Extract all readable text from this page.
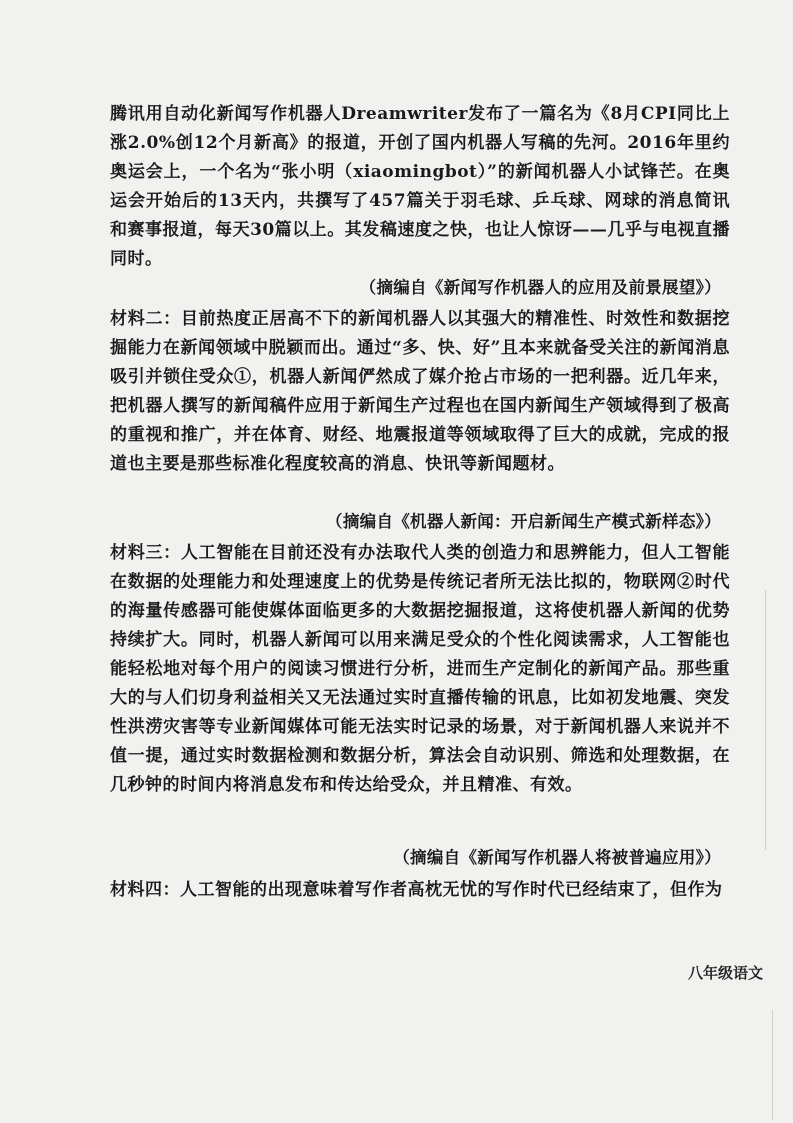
腾讯用自动化新闻写作机器人Dreamwriter发布了一篇名为《8月CPI同比上涨2.0%创12个月新高》的报道，开创了国内机器人写稿的先河。2016年里约奥运会上，一个名为“张小明（xiaomingbot）”的新闻机器人小试锋芒。在奥运会开始后的13天内，共撰写了457篇关于羽毛球、乒乓球、网球的消息简讯和赛事报道，每天30篇以上。其发稿速度之快，也让人惊讶——几乎与电视直播同时。
（摘编自《新闻写作机器人的应用及前景展望》）
材料二：目前热度正居高不下的新闻机器人以其强大的精准性、时效性和数据挖掘能力在新闻领域中脱颖而出。通过“多、快、好”且本来就备受关注的新闻消息吸引并锁住受众①，机器人新闻俨然成了媒介抢占市场的一把利器。近几年来，把机器人撰写的新闻稿件应用于新闻生产过程也在国内新闻生产领域得到了极高的重视和推广，并在体育、财经、地震报道等领域取得了巨大的成就，完成的报道也主要是那些标准化程度较高的消息、快讯等新闻题材。
（摘编自《机器人新闻：开启新闻生产模式新样态》）
材料三：人工智能在目前还没有办法取代人类的创造力和思辨能力，但人工智能在数据的处理能力和处理速度上的优势是传统记者所无法比拟的，物联网②时代的海量传感器可能使媒体面临更多的大数据挖掘报道，这将使机器人新闻的优势持续扩大。同时，机器人新闻可以用来满足受众的个性化阅读需求，人工智能也能轻松地对每个用户的阅读习惯进行分析，进而生产定制化的新闻产品。那些重大的与人们切身利益相关又无法通过实时直播传输的讯息，比如初发地震、突发性洪涝灾害等专业新闻媒体可能无法实时记录的场景，对于新闻机器人来说并不值一提，通过实时数据检测和数据分析，算法会自动识别、筛选和处理数据，在几秒钟的时间内将消息发布和传达给受众，并且精准、有效。
（摘编自《新闻写作机器人将被普遍应用》）
材料四：人工智能的出现意味着写作者高枕无忧的写作时代已经结束了，但作为
八年级语文
